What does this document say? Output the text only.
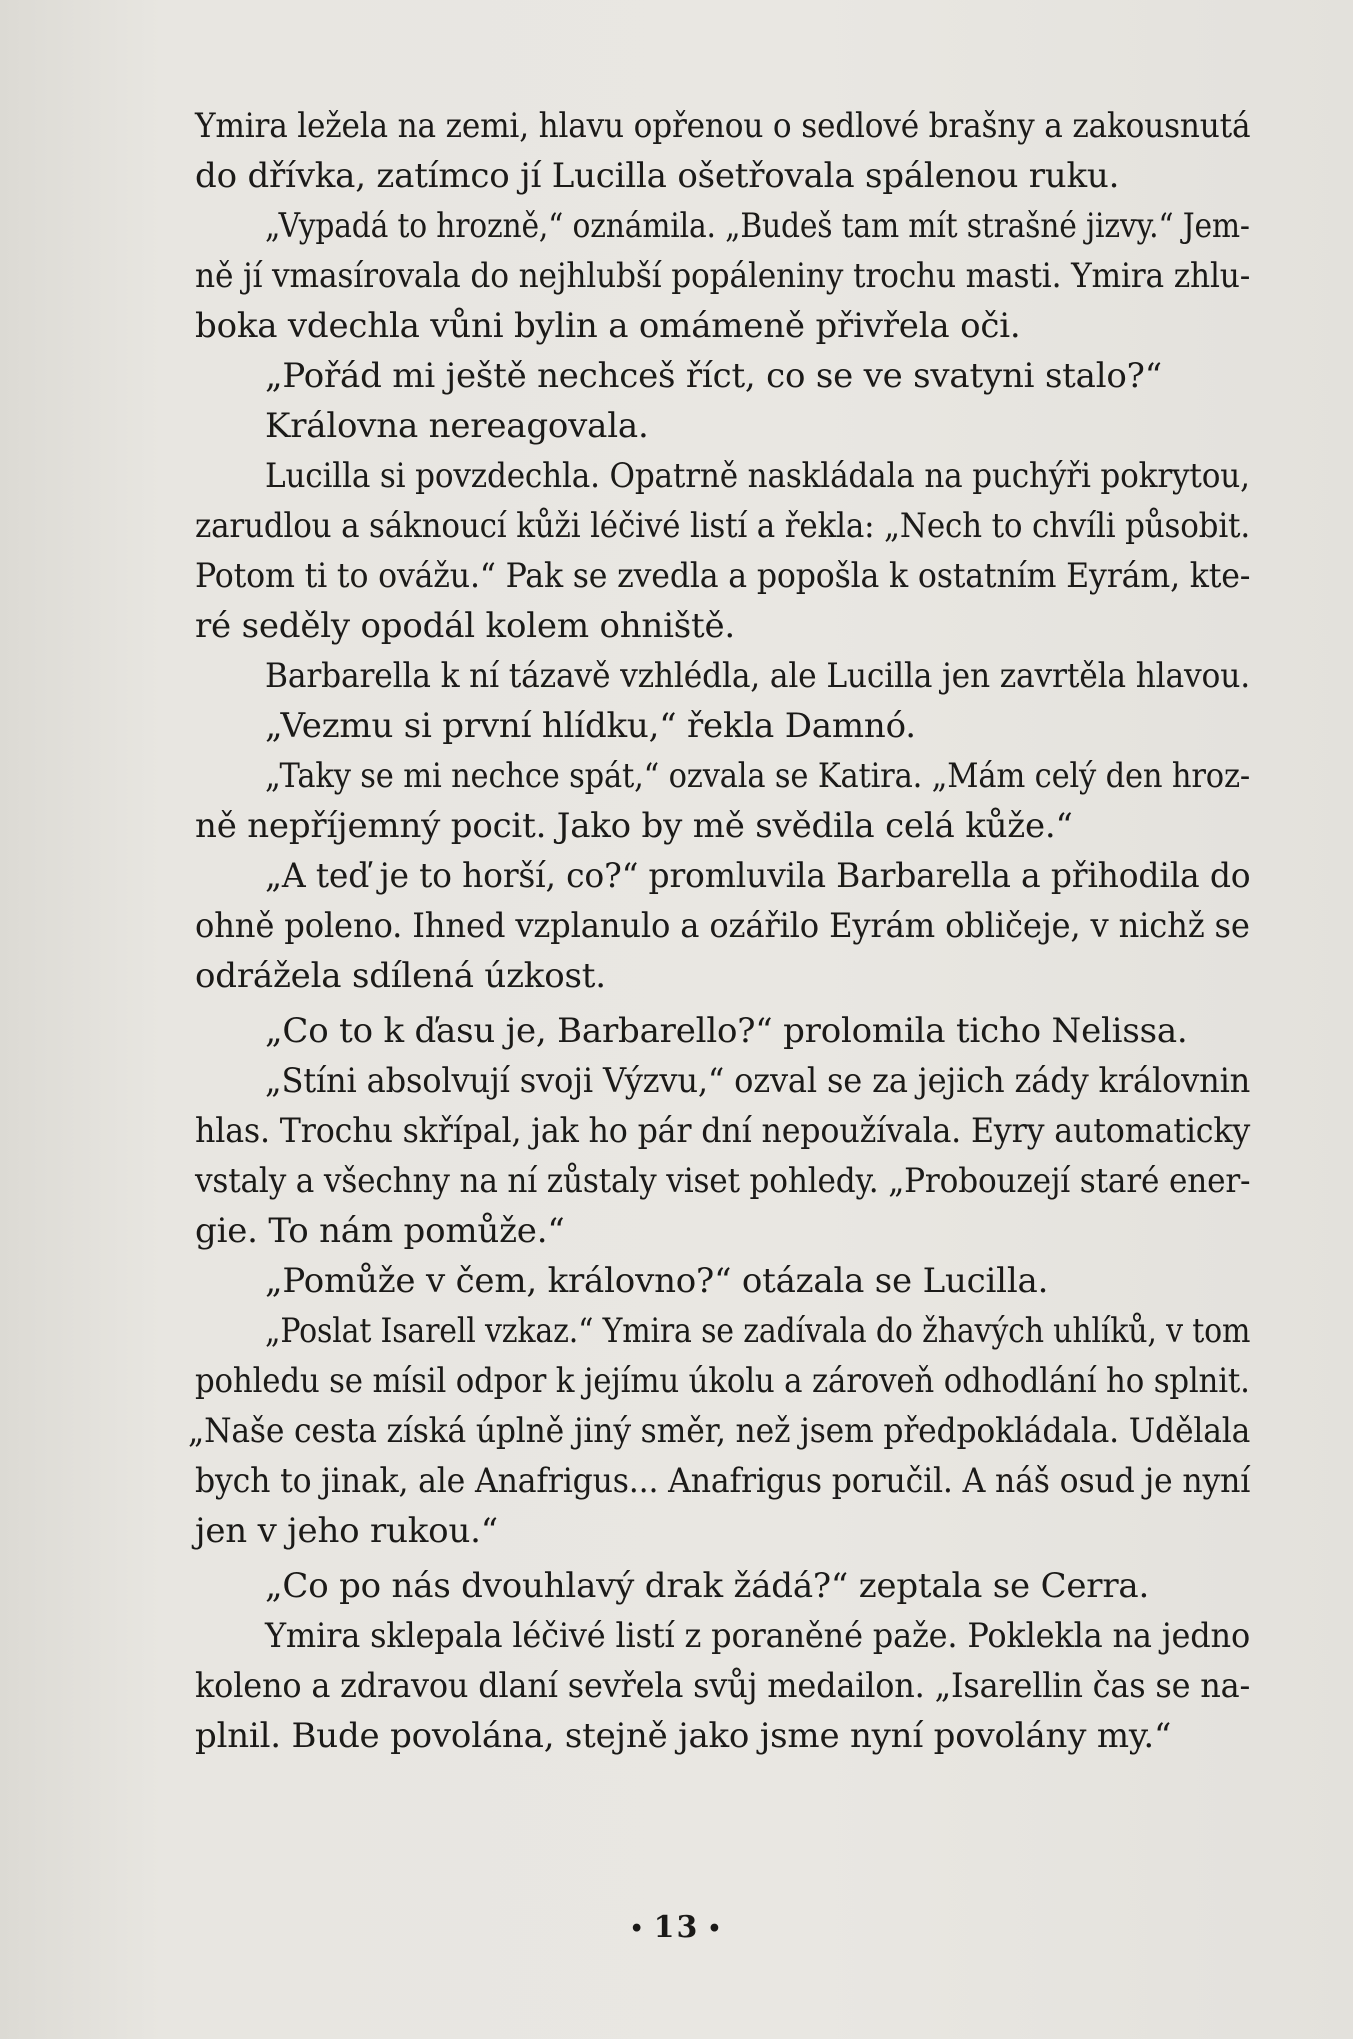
Ymira ležela na zemi, hlavu opřenou o sedlové brašny a zakousnutá
do dřívka, zatímco jí Lucilla ošetřovala spálenou ruku.
„Vypadá to hrozně,“ oznámila. „Budeš tam mít strašné jizvy.“ Jem-
ně jí vmasírovala do nejhlubší popáleniny trochu masti. Ymira zhlu-
boka vdechla vůni bylin a omámeně přivřela oči.
„Pořád mi ještě nechceš říct, co se ve svatyni stalo?“
Královna nereagovala.
Lucilla si povzdechla. Opatrně naskládala na puchýři pokrytou,
zarudlou a sáknoucí kůži léčivé listí a řekla: „Nech to chvíli působit.
Potom ti to ovážu.“ Pak se zvedla a popošla k ostatním Eyrám, kte-
ré seděly opodál kolem ohniště.
Barbarella k ní tázavě vzhlédla, ale Lucilla jen zavrtěla hlavou.
„Vezmu si první hlídku,“ řekla Damnó.
„Taky se mi nechce spát,“ ozvala se Katira. „Mám celý den hroz-
ně nepříjemný pocit. Jako by mě svědila celá kůže.“
„A teď je to horší, co?“ promluvila Barbarella a přihodila do
ohně poleno. Ihned vzplanulo a ozářilo Eyrám obličeje, v nichž se
odrážela sdílená úzkost.
„Co to k ďasu je, Barbarello?“ prolomila ticho Nelissa.
„Stíni absolvují svoji Výzvu,“ ozval se za jejich zády královnin
hlas. Trochu skřípal, jak ho pár dní nepoužívala. Eyry automaticky
vstaly a všechny na ní zůstaly viset pohledy. „Probouzejí staré ener-
gie. To nám pomůže.“
„Pomůže v čem, královno?“ otázala se Lucilla.
„Poslat Isarell vzkaz.“ Ymira se zadívala do žhavých uhlíků, v tom
pohledu se mísil odpor k jejímu úkolu a zároveň odhodlání ho splnit.
„Naše cesta získá úplně jiný směr, než jsem předpokládala. Udělala
bych to jinak, ale Anafrigus... Anafrigus poručil. A náš osud je nyní
jen v jeho rukou.“
„Co po nás dvouhlavý drak žádá?“ zeptala se Cerra.
Ymira sklepala léčivé listí z poraněné paže. Poklekla na jedno
koleno a zdravou dlaní sevřela svůj medailon. „Isarellin čas se na-
plnil. Bude povolána, stejně jako jsme nyní povolány my.“
• 13 •
